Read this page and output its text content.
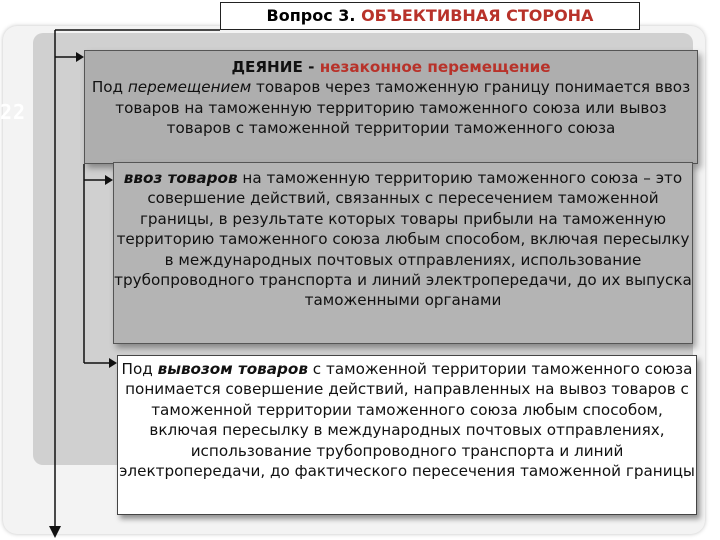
22
Вопрос 3. ОБЪЕКТИВНАЯ СТОРОНА
ДЕЯНИЕ - незаконное перемещение
Под перемещением товаров через таможенную границу понимается ввоз товаров на таможенную территорию таможенного союза или вывоз товаров с таможенной территории таможенного союза
ввоз товаров на таможенную территорию таможенного союза – это совершение действий, связанных с пересечением таможенной границы, в результате которых товары прибыли на таможенную территорию таможенного союза любым способом, включая пересылку в международных почтовых отправлениях, использование трубопроводного транспорта и линий электропередачи, до их выпуска таможенными органами
Под вывозом товаров с таможенной территории таможенного союза понимается совершение действий, направленных на вывоз товаров с таможенной территории таможенного союза любым способом, включая пересылку в международных почтовых отправлениях, использование трубопроводного транспорта и линий электропередачи, до фактического пересечения таможенной границы
